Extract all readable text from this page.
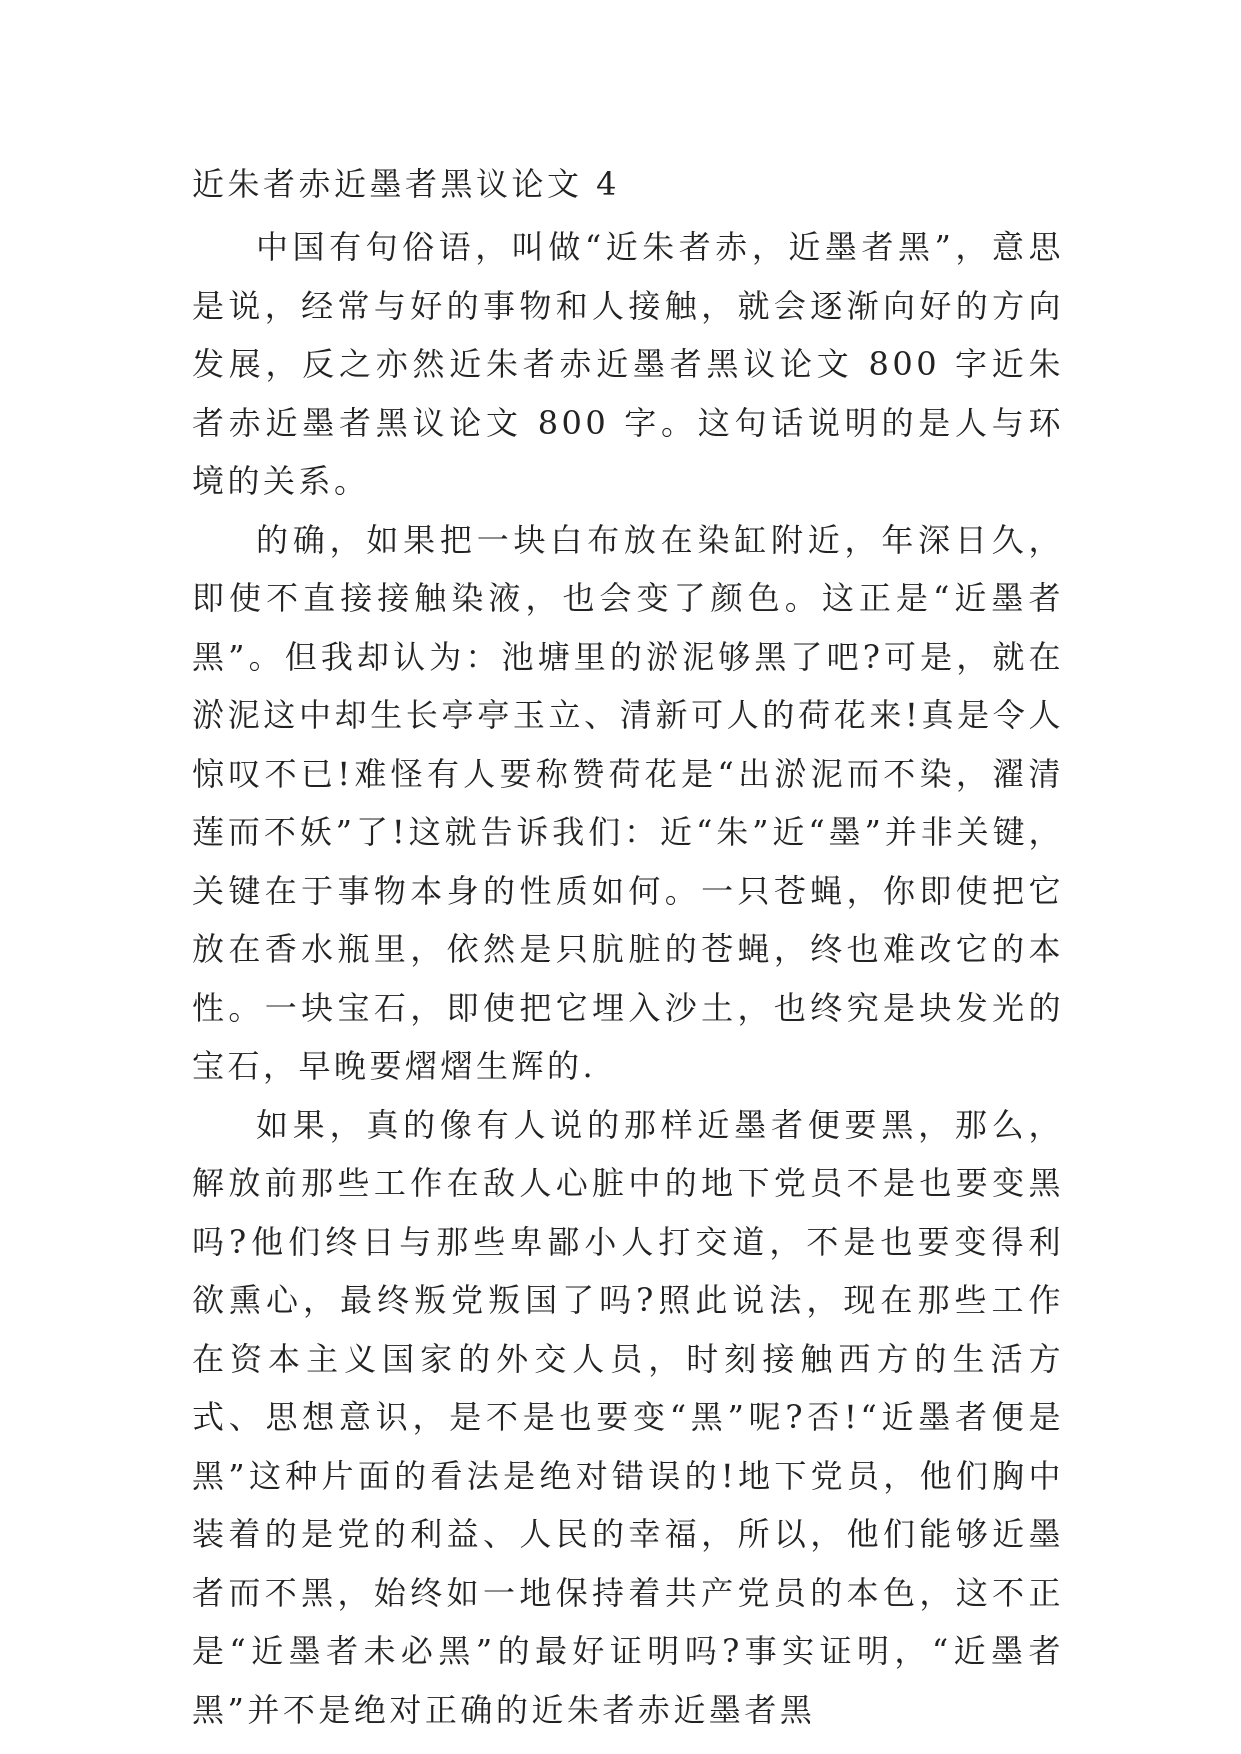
近朱者赤近墨者黑议论文 4

中国有句俗语，叫做“近朱者赤，近墨者黑”，意思是说，经常与好的事物和人接触，就会逐渐向好的方向发展，反之亦然近朱者赤近墨者黑议论文 800 字近朱者赤近墨者黑议论文 800 字。这句话说明的是人与环境的关系。

的确，如果把一块白布放在染缸附近，年深日久，即使不直接接触染液，也会变了颜色。这正是“近墨者黑”。但我却认为：池塘里的淤泥够黑了吧?可是，就在淤泥这中却生长亭亭玉立、清新可人的荷花来!真是令人惊叹不已!难怪有人要称赞荷花是“出淤泥而不染，濯清莲而不妖”了!这就告诉我们：近“朱”近“墨”并非关键，关键在于事物本身的性质如何。一只苍蝇，你即使把它放在香水瓶里，依然是只肮脏的苍蝇，终也难改它的本性。一块宝石，即使把它埋入沙土，也终究是块发光的宝石，早晚要熠熠生辉的.

如果，真的像有人说的那样近墨者便要黑，那么，解放前那些工作在敌人心脏中的地下党员不是也要变黑吗?他们终日与那些卑鄙小人打交道，不是也要变得利欲熏心，最终叛党叛国了吗?照此说法，现在那些工作在资本主义国家的外交人员，时刻接触西方的生活方式、思想意识，是不是也要变“黑”呢?否!“近墨者便是黑”这种片面的看法是绝对错误的!地下党员，他们胸中装着的是党的利益、人民的幸福，所以，他们能够近墨者而不黑，始终如一地保持着共产党员的本色，这不正是“近墨者未必黑”的最好证明吗?事实证明，“近墨者黑”并不是绝对正确的近朱者赤近墨者黑
